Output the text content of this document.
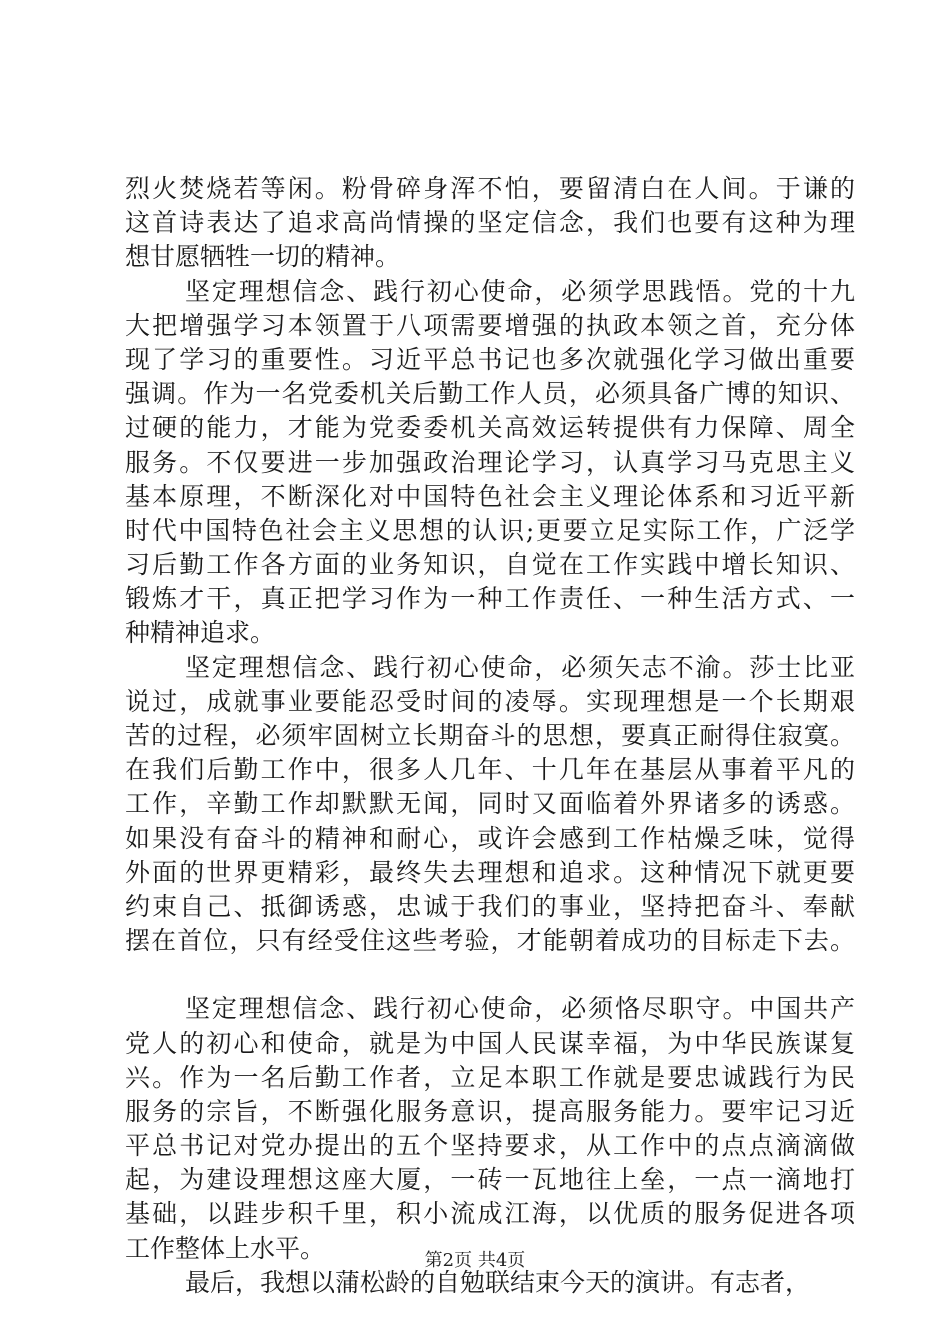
烈火焚烧若等闲。粉骨碎身浑不怕，要留清白在人间。于谦的
这首诗表达了追求高尚情操的坚定信念，我们也要有这种为理
想甘愿牺牲一切的精神。
坚定理想信念、践行初心使命，必须学思践悟。党的十九
大把增强学习本领置于八项需要增强的执政本领之首，充分体
现了学习的重要性。习近平总书记也多次就强化学习做出重要
强调。作为一名党委机关后勤工作人员，必须具备广博的知识、
过硬的能力，才能为党委委机关高效运转提供有力保障、周全
服务。不仅要进一步加强政治理论学习，认真学习马克思主义
基本原理，不断深化对中国特色社会主义理论体系和习近平新
时代中国特色社会主义思想的认识;更要立足实际工作，广泛学
习后勤工作各方面的业务知识，自觉在工作实践中增长知识、
锻炼才干，真正把学习作为一种工作责任、一种生活方式、一
种精神追求。
坚定理想信念、践行初心使命，必须矢志不渝。莎士比亚
说过，成就事业要能忍受时间的凌辱。实现理想是一个长期艰
苦的过程，必须牢固树立长期奋斗的思想，要真正耐得住寂寞。
在我们后勤工作中，很多人几年、十几年在基层从事着平凡的
工作，辛勤工作却默默无闻，同时又面临着外界诸多的诱惑。
如果没有奋斗的精神和耐心，或许会感到工作枯燥乏味，觉得
外面的世界更精彩，最终失去理想和追求。这种情况下就更要
约束自己、抵御诱惑，忠诚于我们的事业，坚持把奋斗、奉献
摆在首位，只有经受住这些考验，才能朝着成功的目标走下去。
坚定理想信念、践行初心使命，必须恪尽职守。中国共产
党人的初心和使命，就是为中国人民谋幸福，为中华民族谋复
兴。作为一名后勤工作者，立足本职工作就是要忠诚践行为民
服务的宗旨，不断强化服务意识，提高服务能力。要牢记习近
平总书记对党办提出的五个坚持要求，从工作中的点点滴滴做
起，为建设理想这座大厦，一砖一瓦地往上垒，一点一滴地打
基础，以跬步积千里，积小流成江海，以优质的服务促进各项
工作整体上水平。
最后，我想以蒲松龄的自勉联结束今天的演讲。有志者，
第2页 共4页
